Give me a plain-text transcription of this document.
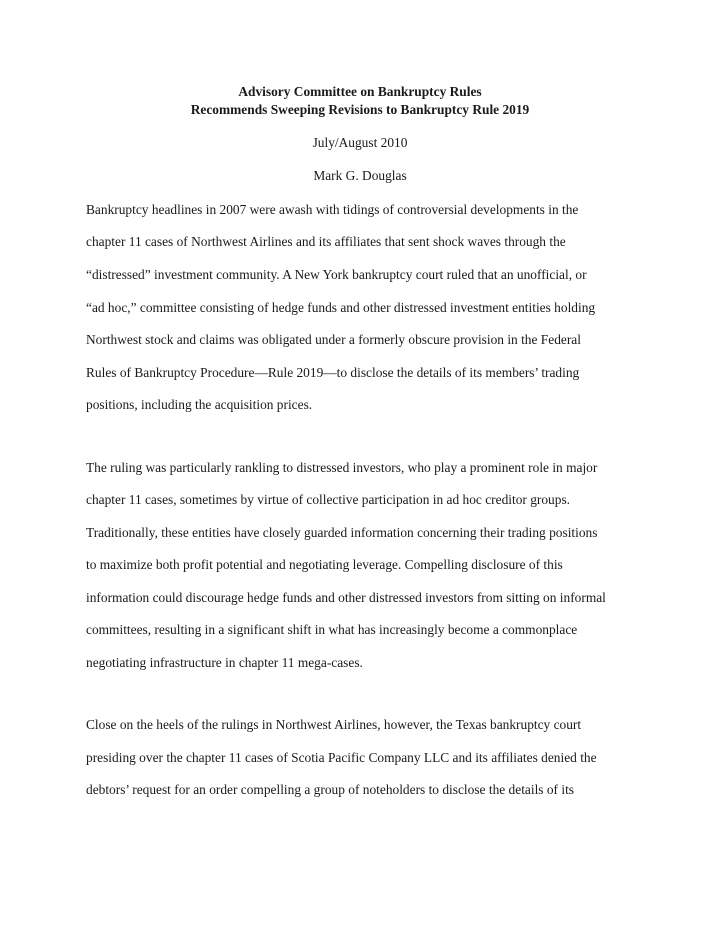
Advisory Committee on Bankruptcy Rules
Recommends Sweeping Revisions to Bankruptcy Rule 2019
July/August 2010
Mark G. Douglas
Bankruptcy headlines in 2007 were awash with tidings of controversial developments in the
chapter 11 cases of Northwest Airlines and its affiliates that sent shock waves through the
“distressed” investment community. A New York bankruptcy court ruled that an unofficial, or
“ad hoc,” committee consisting of hedge funds and other distressed investment entities holding
Northwest stock and claims was obligated under a formerly obscure provision in the Federal
Rules of Bankruptcy Procedure—Rule 2019—to disclose the details of its members’ trading
positions, including the acquisition prices.
The ruling was particularly rankling to distressed investors, who play a prominent role in major
chapter 11 cases, sometimes by virtue of collective participation in ad hoc creditor groups.
Traditionally, these entities have closely guarded information concerning their trading positions
to maximize both profit potential and negotiating leverage. Compelling disclosure of this
information could discourage hedge funds and other distressed investors from sitting on informal
committees, resulting in a significant shift in what has increasingly become a commonplace
negotiating infrastructure in chapter 11 mega-cases.
Close on the heels of the rulings in Northwest Airlines, however, the Texas bankruptcy court
presiding over the chapter 11 cases of Scotia Pacific Company LLC and its affiliates denied the
debtors’ request for an order compelling a group of noteholders to disclose the details of its
